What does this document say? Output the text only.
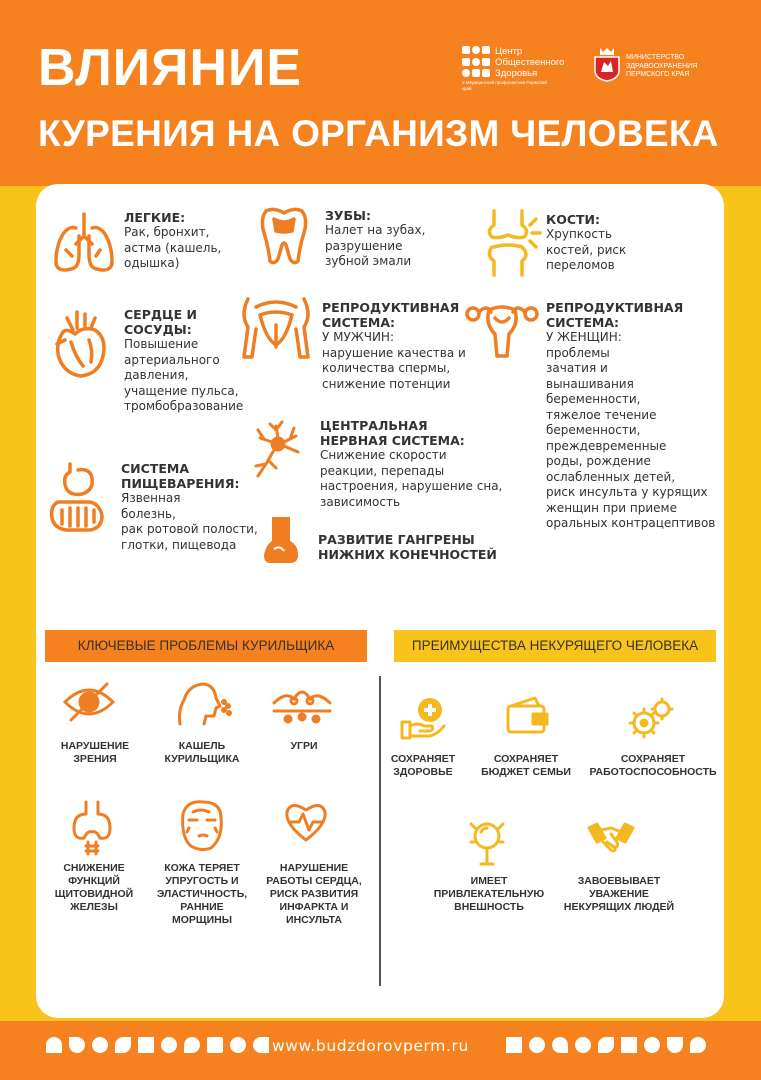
ВЛИЯНИЕ
КУРЕНИЯ НА ОРГАНИЗМ ЧЕЛОВЕКА
Центр
Общественного
Здоровья
и Медицинской профилактики Пермский край
МИНИСТЕРСТВО
ЗДРАВООХРАНЕНИЯ
ПЕРМСКОГО КРАЯ
ЛЕГКИЕ:
Рак, бронхит,
астма (кашель,
одышка)
ЗУБЫ:
Налет на зубах,
разрушение
зубной эмали
КОСТИ:
Хрупкость
костей, риск
переломов
СЕРДЦЕ И
СОСУДЫ:
Повышение
артериального
давления,
учащение пульса,
тромбобразование
РЕПРОДУКТИВНАЯ
СИСТЕМА:
У МУЖЧИН:
нарушение качества и
количества спермы,
снижение потенции
РЕПРОДУКТИВНАЯ
СИСТЕМА:
У ЖЕНЩИН:
проблемы
зачатия и
вынашивания
беременности,
тяжелое течение
беременности,
преждевременные
роды, рождение
ослабленных детей,
риск инсульта у курящих
женщин при приеме
оральных контрацептивов
ЦЕНТРАЛЬНАЯ
НЕРВНАЯ СИСТЕМА:
Снижение скорости
реакции, перепады
настроения, нарушение сна,
зависимость
СИСТЕМА
ПИЩЕВАРЕНИЯ:
Язвенная
болезнь,
рак ротовой полости,
глотки, пищевода	РАЗВИТИЕ ГАНГРЕНЫ
НИЖНИХ КОНЕЧНОСТЕЙ
КЛЮЧЕВЫЕ ПРОБЛЕМЫ КУРИЛЬЩИКА	ПРЕИМУЩЕСТВА НЕКУРЯЩЕГО ЧЕЛОВЕКА
НАРУШЕНИЕ
ЗРЕНИЯ
КАШЕЛЬ
КУРИЛЬЩИКА
УГРИ
СНИЖЕНИЕ
ФУНКЦИЙ
ЩИТОВИДНОЙ
ЖЕЛЕЗЫ
КОЖА ТЕРЯЕТ
УПРУГОСТЬ И
ЭЛАСТИЧНОСТЬ,
РАННИЕ
МОРЩИНЫ
НАРУШЕНИЕ
РАБОТЫ СЕРДЦА,
РИСК РАЗВИТИЯ
ИНФАРКТА И
ИНСУЛЬТА
СОХРАНЯЕТ
ЗДОРОВЬЕ
СОХРАНЯЕТ
БЮДЖЕТ СЕМЬИ
СОХРАНЯЕТ
РАБОТОСПОСОБНОСТЬ
ИМЕЕТ
ПРИВЛЕКАТЕЛЬНУЮ
ВНЕШНОСТЬ
ЗАВОЕВЫВАЕТ
УВАЖЕНИЕ
НЕКУРЯЩИХ ЛЮДЕЙ
www.budzdorovperm.ru
